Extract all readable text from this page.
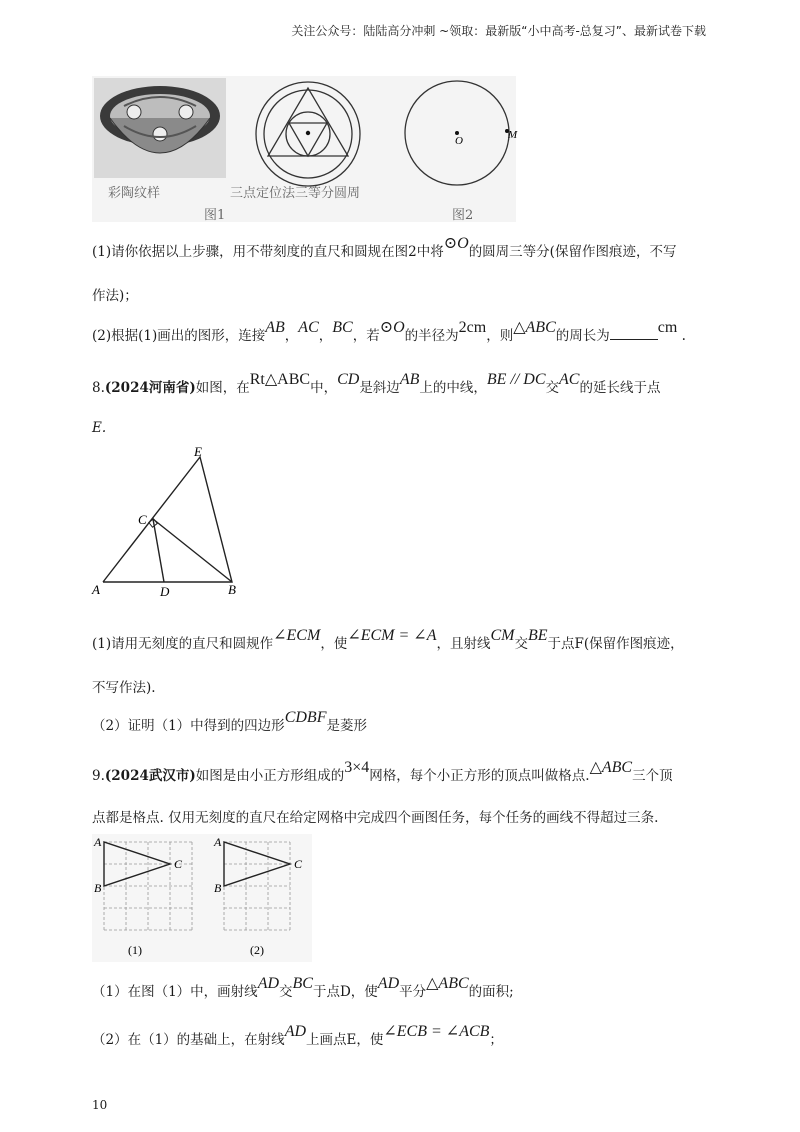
关注公众号：陆陆高分冲刺 ~领取：最新版“小中高考-总复习”、最新试卷下载
彩陶纹样	三点定位法三等分圆周
图1
O	M
图2
(1)请你依据以上步骤，用不带刻度的直尺和圆规在图2中将⊙O的圆周三等分(保留作图痕迹，不写
作法)；
(2)根据(1)画出的图形，连接AB，AC，BC，若⊙O的半径为2cm，则△ABC的周长为	cm .
8.(2024河南省)如图，在Rt△ABC中，CD是斜边AB上的中线，BE // DC交AC的延长线于点
E.
E
C
A	D	B
(1)请用无刻度的直尺和圆规作∠ECM，使∠ECM = ∠A，且射线CM交BE于点F(保留作图痕迹，
不写作法).
（2）证明（1）中得到的四边形CDBF是菱形
9.(2024武汉市)如图是由小正方形组成的3×4网格，每个小正方形的顶点叫做格点.△ABC三个顶
点都是格点. 仅用无刻度的直尺在给定网格中完成四个画图任务，每个任务的画线不得超过三条.
A
B
C
A
B
C
(1)	(2)
（1）在图（1）中，画射线AD交BC于点D，使AD平分△ABC的面积;
（2）在（1）的基础上，在射线AD上画点E，使∠ECB = ∠ACB；
10
